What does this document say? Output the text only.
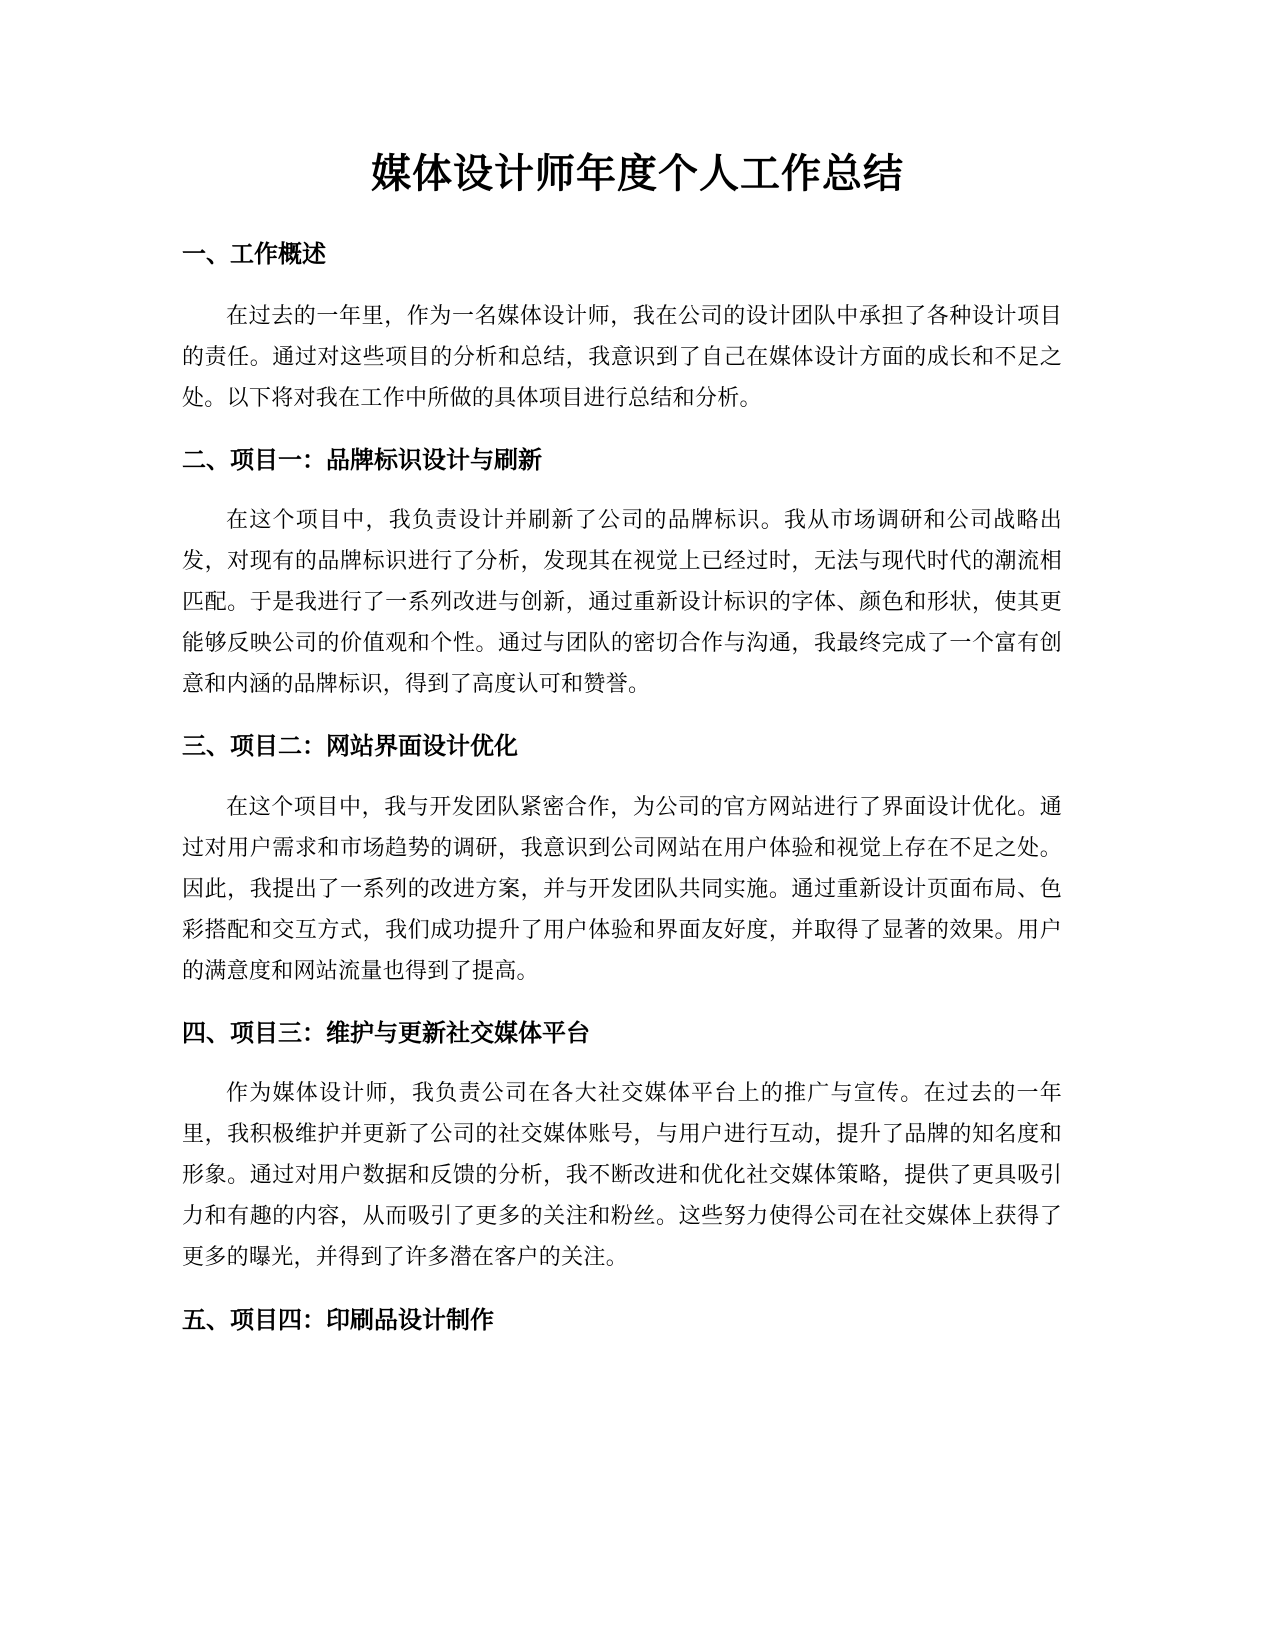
媒体设计师年度个人工作总结
一、工作概述

在过去的一年里，作为一名媒体设计师，我在公司的设计团队中承担了各种设计项目的责任。通过对这些项目的分析和总结，我意识到了自己在媒体设计方面的成长和不足之处。以下将对我在工作中所做的具体项目进行总结和分析。

二、项目一：品牌标识设计与刷新

在这个项目中，我负责设计并刷新了公司的品牌标识。我从市场调研和公司战略出发，对现有的品牌标识进行了分析，发现其在视觉上已经过时，无法与现代时代的潮流相匹配。于是我进行了一系列改进与创新，通过重新设计标识的字体、颜色和形状，使其更能够反映公司的价值观和个性。通过与团队的密切合作与沟通，我最终完成了一个富有创意和内涵的品牌标识，得到了高度认可和赞誉。

三、项目二：网站界面设计优化

在这个项目中，我与开发团队紧密合作，为公司的官方网站进行了界面设计优化。通过对用户需求和市场趋势的调研，我意识到公司网站在用户体验和视觉上存在不足之处。因此，我提出了一系列的改进方案，并与开发团队共同实施。通过重新设计页面布局、色彩搭配和交互方式，我们成功提升了用户体验和界面友好度，并取得了显著的效果。用户的满意度和网站流量也得到了提高。

四、项目三：维护与更新社交媒体平台

作为媒体设计师，我负责公司在各大社交媒体平台上的推广与宣传。在过去的一年里，我积极维护并更新了公司的社交媒体账号，与用户进行互动，提升了品牌的知名度和形象。通过对用户数据和反馈的分析，我不断改进和优化社交媒体策略，提供了更具吸引力和有趣的内容，从而吸引了更多的关注和粉丝。这些努力使得公司在社交媒体上获得了更多的曝光，并得到了许多潜在客户的关注。

五、项目四：印刷品设计制作
